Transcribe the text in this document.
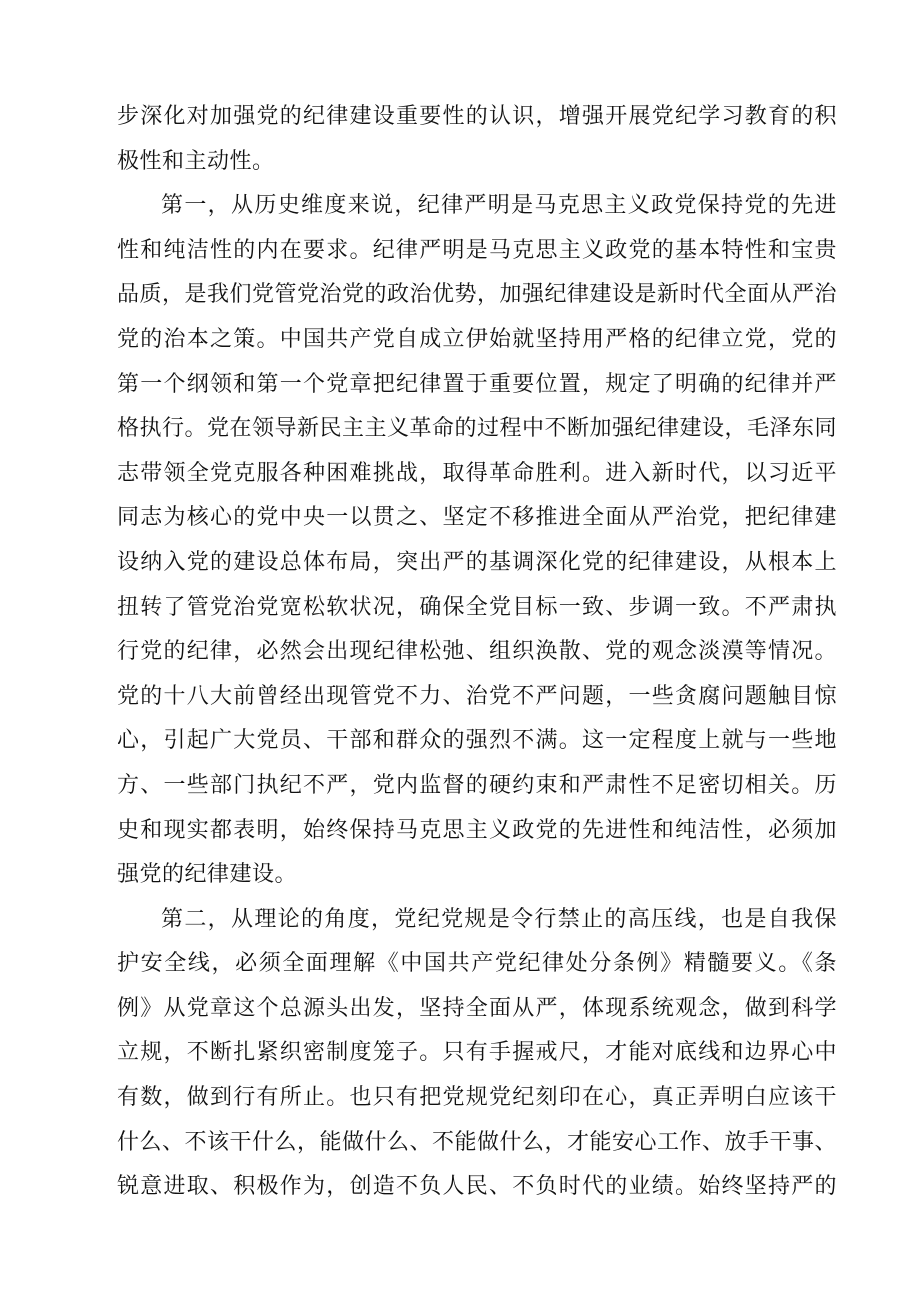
步深化对加强党的纪律建设重要性的认识，增强开展党纪学习教育的积
极性和主动性。
第一，从历史维度来说，纪律严明是马克思主义政党保持党的先进
性和纯洁性的内在要求。纪律严明是马克思主义政党的基本特性和宝贵
品质，是我们党管党治党的政治优势，加强纪律建设是新时代全面从严治
党的治本之策。中国共产党自成立伊始就坚持用严格的纪律立党，党的
第一个纲领和第一个党章把纪律置于重要位置，规定了明确的纪律并严
格执行。党在领导新民主主义革命的过程中不断加强纪律建设，毛泽东同
志带领全党克服各种困难挑战，取得革命胜利。进入新时代，以习近平
同志为核心的党中央一以贯之、坚定不移推进全面从严治党，把纪律建
设纳入党的建设总体布局，突出严的基调深化党的纪律建设，从根本上
扭转了管党治党宽松软状况，确保全党目标一致、步调一致。不严肃执
行党的纪律，必然会出现纪律松弛、组织涣散、党的观念淡漠等情况。
党的十八大前曾经出现管党不力、治党不严问题，一些贪腐问题触目惊
心，引起广大党员、干部和群众的强烈不满。这一定程度上就与一些地
方、一些部门执纪不严，党内监督的硬约束和严肃性不足密切相关。历
史和现实都表明，始终保持马克思主义政党的先进性和纯洁性，必须加
强党的纪律建设。
第二，从理论的角度，党纪党规是令行禁止的高压线，也是自我保
护安全线，必须全面理解《中国共产党纪律处分条例》精髓要义。《条
例》从党章这个总源头出发，坚持全面从严，体现系统观念，做到科学
立规，不断扎紧织密制度笼子。只有手握戒尺，才能对底线和边界心中
有数，做到行有所止。也只有把党规党纪刻印在心，真正弄明白应该干
什么、不该干什么，能做什么、不能做什么，才能安心工作、放手干事、
锐意进取、积极作为，创造不负人民、不负时代的业绩。始终坚持严的
